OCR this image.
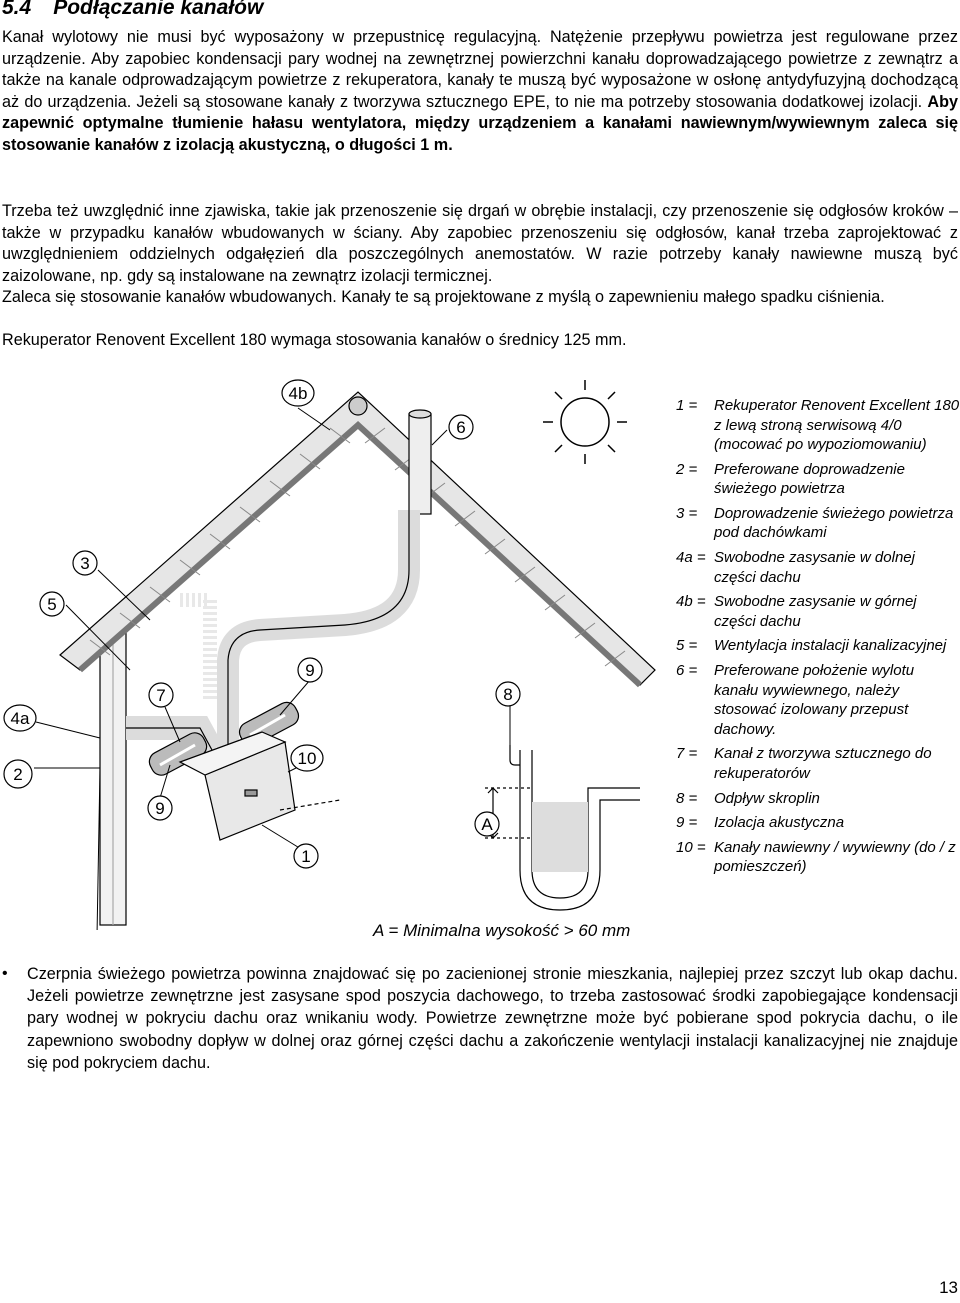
5.4 Podłączanie kanałów
Kanał wylotowy nie musi być wyposażony w przepustnicę regulacyjną. Natężenie przepływu powietrza jest regulowane przez urządzenie. Aby zapobiec kondensacji pary wodnej na zewnętrznej powierzchni kanału doprowadzającego powietrze z zewnątrz a także na kanale odprowadzającym powietrze z rekuperatora, kanały te muszą być wyposażone w osłonę antydyfuzyjną dochodzącą aż do urządzenia. Jeżeli są stosowane kanały z tworzywa sztucznego EPE, to nie ma potrzeby stosowania dodatkowej izolacji. Aby zapewnić optymalne tłumienie hałasu wentylatora, między urządzeniem a kanałami nawiewnym/wywiewnym zaleca się stosowanie kanałów z izolacją akustyczną, o długości 1 m.
Trzeba też uwzględnić inne zjawiska, takie jak przenoszenie się drgań w obrębie instalacji, czy przenoszenie się odgłosów kroków – także w przypadku kanałów wbudowanych w ściany. Aby zapobiec przenoszeniu się odgłosów, kanał trzeba zaprojektować z uwzględnieniem oddzielnych odgałęzień dla poszczególnych anemostatów. W razie potrzeby kanały nawiewne muszą być zaizolowane, np. gdy są instalowane na zewnątrz izolacji termicznej.
Zaleca się stosowanie kanałów wbudowanych. Kanały te są projektowane z myślą o zapewnieniu małego spadku ciśnienia.
Rekuperator Renovent Excellent 180 wymaga stosowania kanałów o średnicy 125 mm.
1
2
3
4a
4b
5
6
7	8
9
9
10
A
1 =	Rekuperator Renovent Excellent 180 z lewą stroną serwisową 4/0 (mocować po wypoziomowaniu)
2 =	Preferowane doprowadzenie świeżego powietrza
3 =	Doprowadzenie świeżego powietrza pod dachówkami
4a = Swobodne zasysanie w dolnej części dachu
4b = Swobodne zasysanie w górnej części dachu
5 =	Wentylacja instalacji kanalizacyjnej
6 =	Preferowane położenie wylotu kanału wywiewnego, należy stosować izolowany przepust dachowy.
7 =	Kanał z tworzywa sztucznego do rekuperatorów
8 =	Odpływ skroplin
9 =	Izolacja akustyczna
10 = Kanały nawiewny / wywiewny (do / z pomieszczeń)
A = Minimalna wysokość > 60 mm
• Czerpnia świeżego powietrza powinna znajdować się po zacienionej stronie mieszkania, najlepiej przez szczyt lub okap dachu. Jeżeli powietrze zewnętrzne jest zasysane spod poszycia dachowego, to trzeba zastosować środki zapobiegające kondensacji pary wodnej w pokryciu dachu oraz wnikaniu wody. Powietrze zewnętrzne może być pobierane spod pokrycia dachu, o ile zapewniono swobodny dopływ w dolnej oraz górnej części dachu a zakończenie wentylacji instalacji kanalizacyjnej nie znajduje się pod pokryciem dachu.
13
